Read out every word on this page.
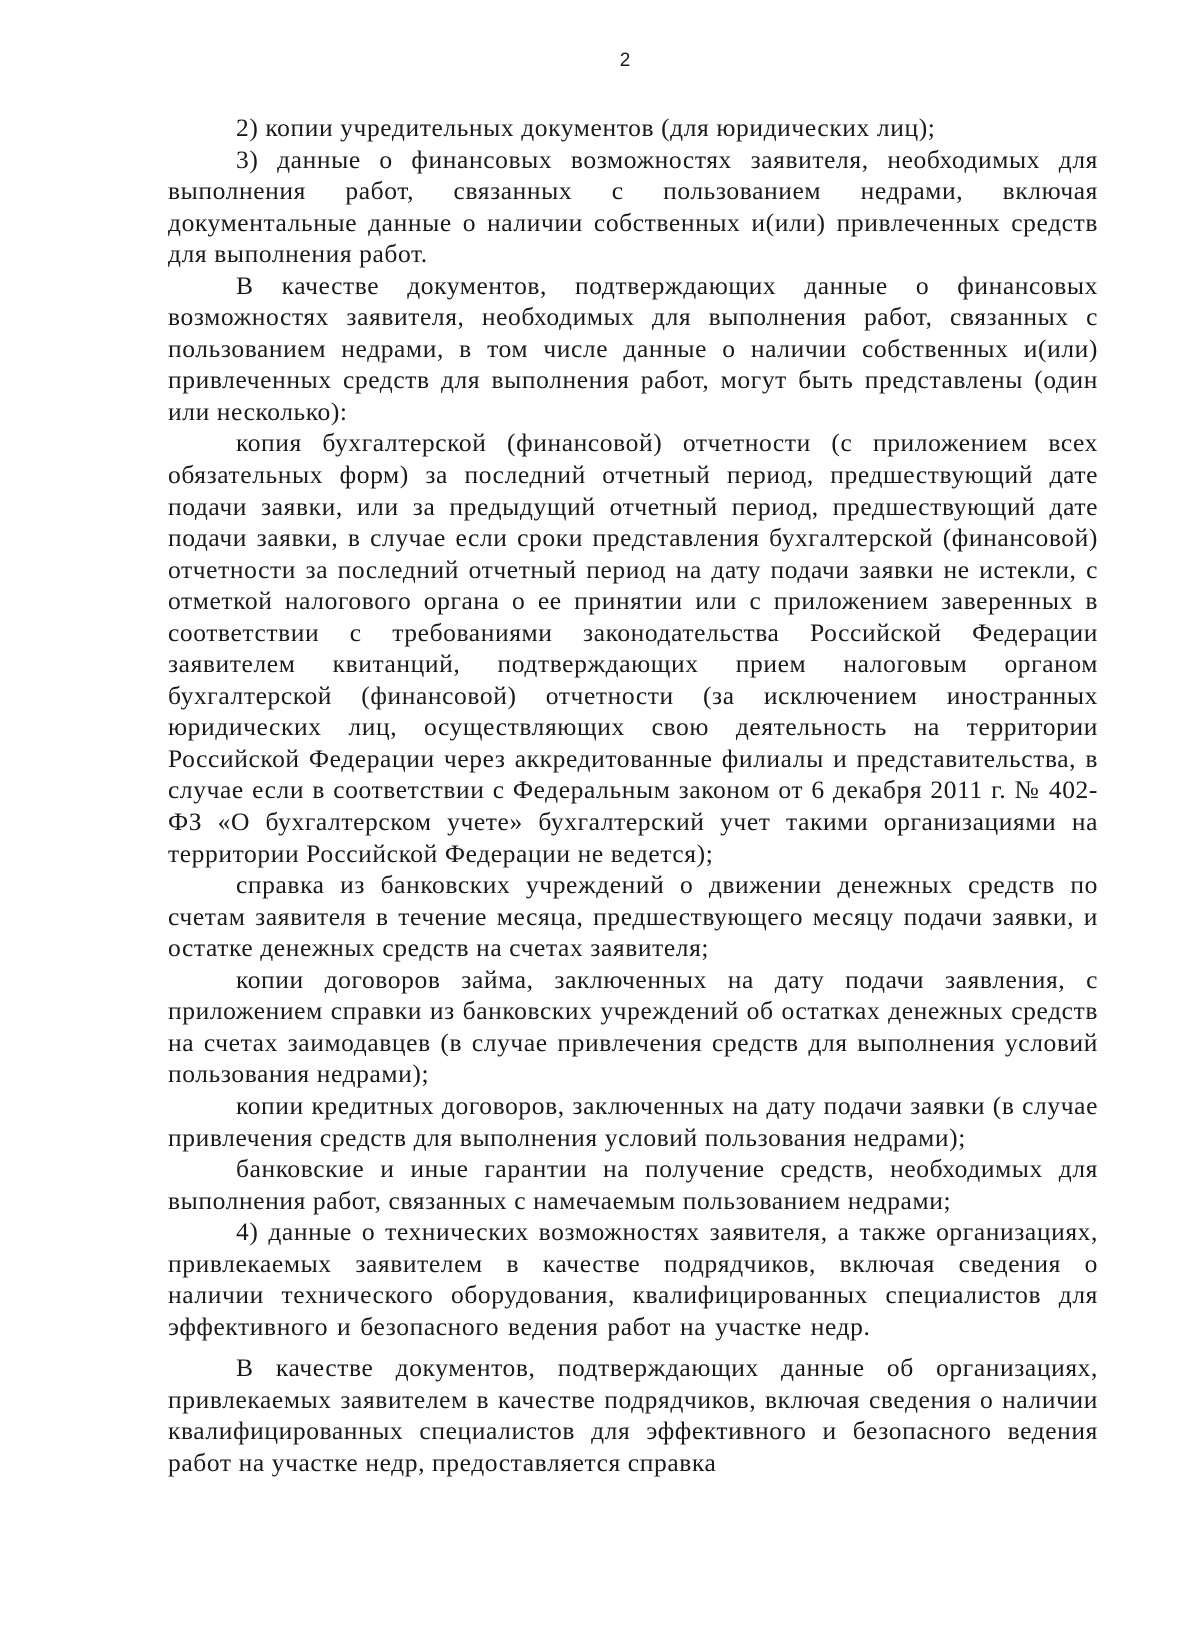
2

2) копии учредительных документов (для юридических лиц);

3) данные о финансовых возможностях заявителя, необходимых для выполнения работ, связанных с пользованием недрами, включая документальные данные о наличии собственных и(или) привлеченных средств для выполнения работ.

В качестве документов, подтверждающих данные о финансовых возможностях заявителя, необходимых для выполнения работ, связанных с пользованием недрами, в том числе данные о наличии собственных и(или) привлеченных средств для выполнения работ, могут быть представлены (один или несколько):

копия бухгалтерской (финансовой) отчетности (с приложением всех обязательных форм) за последний отчетный период, предшествующий дате подачи заявки, или за предыдущий отчетный период, предшествующий дате подачи заявки, в случае если сроки представления бухгалтерской (финансовой) отчетности за последний отчетный период на дату подачи заявки не истекли, с отметкой налогового органа о ее принятии или с приложением заверенных в соответствии с требованиями законодательства Российской Федерации заявителем квитанций, подтверждающих прием налоговым органом бухгалтерской (финансовой) отчетности (за исключением иностранных юридических лиц, осуществляющих свою деятельность на территории Российской Федерации через аккредитованные филиалы и представительства, в случае если в соответствии с Федеральным законом от 6 декабря 2011 г. № 402-ФЗ «О бухгалтерском учете» бухгалтерский учет такими организациями на территории Российской Федерации не ведется);

справка из банковских учреждений о движении денежных средств по счетам заявителя в течение месяца, предшествующего месяцу подачи заявки, и остатке денежных средств на счетах заявителя;

копии договоров займа, заключенных на дату подачи заявления, с приложением справки из банковских учреждений об остатках денежных средств на счетах заимодавцев (в случае привлечения средств для выполнения условий пользования недрами);

копии кредитных договоров, заключенных на дату подачи заявки (в случае привлечения средств для выполнения условий пользования недрами);

банковские и иные гарантии на получение средств, необходимых для выполнения работ, связанных с намечаемым пользованием недрами;

4) данные о технических возможностях заявителя, а также организациях, привлекаемых заявителем в качестве подрядчиков, включая сведения о наличии технического оборудования, квалифицированных специалистов для эффективного и безопасного ведения работ на участке недр.

В качестве документов, подтверждающих данные об организациях, привлекаемых заявителем в качестве подрядчиков, включая сведения о наличии квалифицированных специалистов для эффективного и безопасного ведения работ на участке недр, предоставляется справка
